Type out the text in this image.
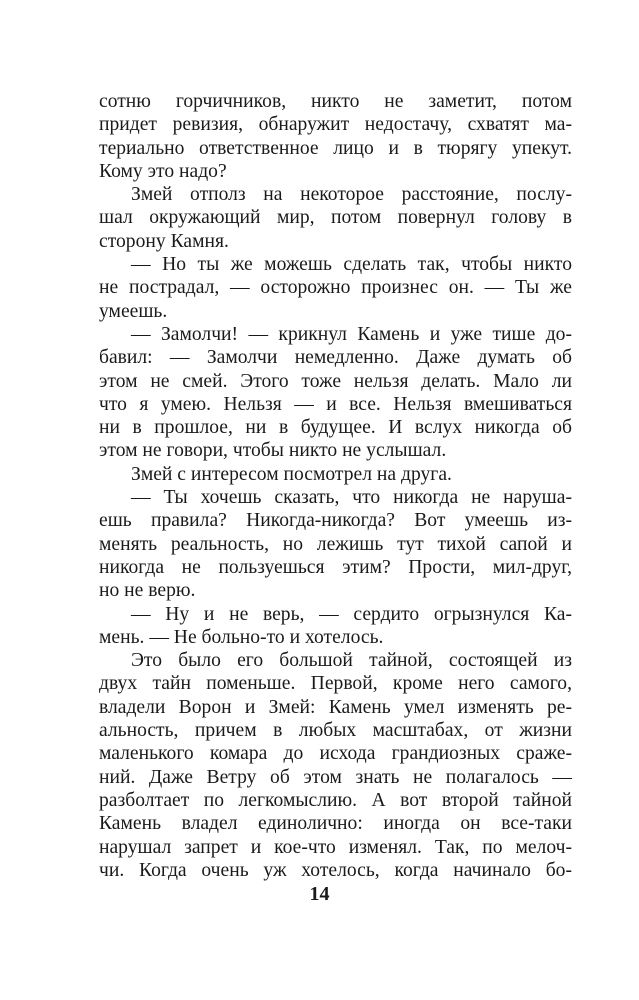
сотню горчичников, никто не заметит, потом
придет ревизия, обнаружит недостачу, схватят ма-
териально ответственное лицо и в тюрягу упекут.
Кому это надо?
Змей отполз на некоторое расстояние, послу-
шал окружающий мир, потом повернул голову в
сторону Камня.
— Но ты же можешь сделать так, чтобы никто
не пострадал, — осторожно произнес он. — Ты же
умеешь.
— Замолчи! — крикнул Камень и уже тише до-
бавил: — Замолчи немедленно. Даже думать об
этом не смей. Этого тоже нельзя делать. Мало ли
что я умею. Нельзя — и все. Нельзя вмешиваться
ни в прошлое, ни в будущее. И вслух никогда об
этом не говори, чтобы никто не услышал.
Змей с интересом посмотрел на друга.
— Ты хочешь сказать, что никогда не наруша-
ешь правила? Никогда-никогда? Вот умеешь из-
менять реальность, но лежишь тут тихой сапой и
никогда не пользуешься этим? Прости, мил-друг,
но не верю.
— Ну и не верь, — сердито огрызнулся Ка-
мень. — Не больно-то и хотелось.
Это было его большой тайной, состоящей из
двух тайн поменьше. Первой, кроме него самого,
владели Ворон и Змей: Камень умел изменять ре-
альность, причем в любых масштабах, от жизни
маленького комара до исхода грандиозных сраже-
ний. Даже Ветру об этом знать не полагалось —
разболтает по легкомыслию. А вот второй тайной
Камень владел единолично: иногда он все-таки
нарушал запрет и кое-что изменял. Так, по мелоч-
чи. Когда очень уж хотелось, когда начинало бо-
14
